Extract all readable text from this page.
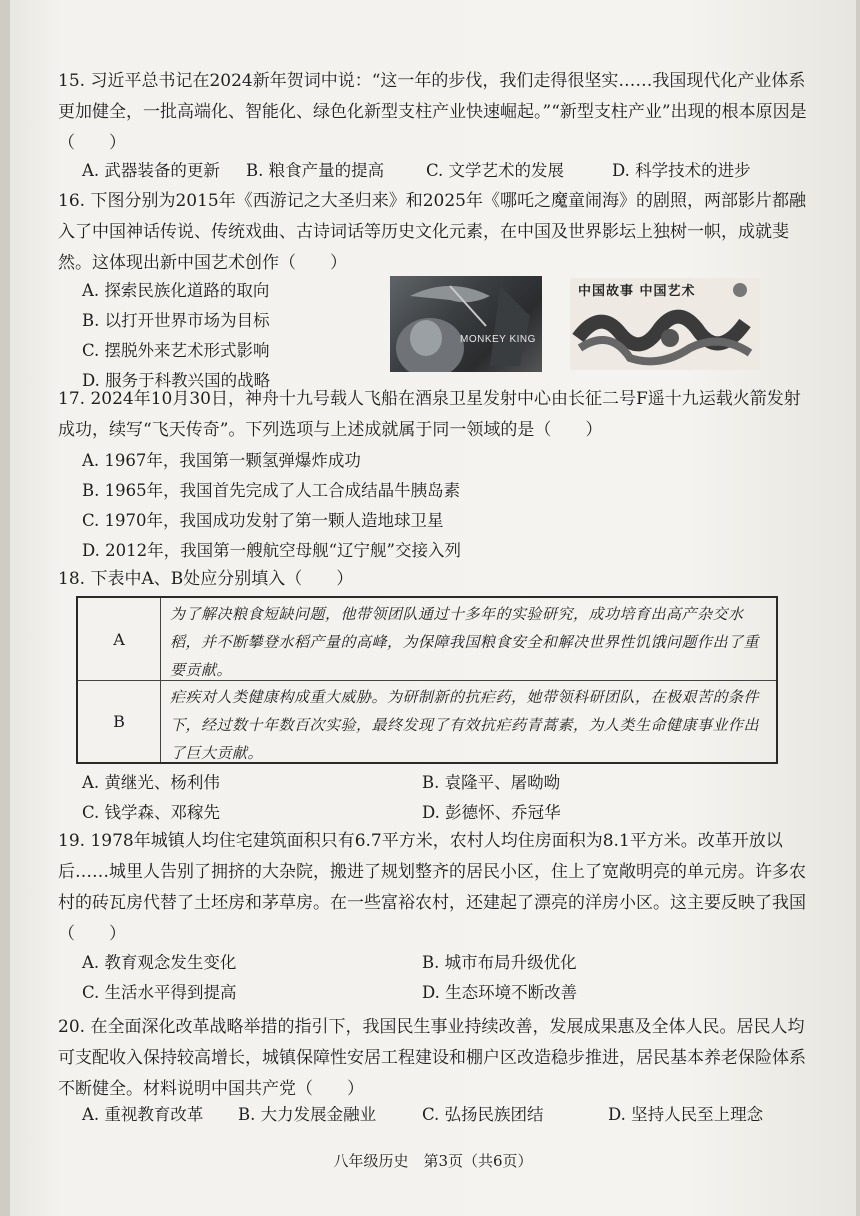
15. 习近平总书记在2024新年贺词中说：“这一年的步伐，我们走得很坚实……我国现代化产业体系更加健全，一批高端化、智能化、绿色化新型支柱产业快速崛起。”“新型支柱产业”出现的根本原因是（　　）
A. 武器装备的更新 B. 粮食产量的提高	C. 文学艺术的发展	D. 科学技术的进步
16. 下图分别为2015年《西游记之大圣归来》和2025年《哪吒之魔童闹海》的剧照，两部影片都融入了中国神话传说、传统戏曲、古诗词话等历史文化元素，在中国及世界影坛上独树一帜，成就斐然。这体现出新中国艺术创作（　　）
A. 探索民族化道路的取向
B. 以打开世界市场为目标
C. 摆脱外来艺术形式影响
D. 服务于科教兴国的战略
MONKEY KING
中国故事 中国艺术
17. 2024年10月30日，神舟十九号载人飞船在酒泉卫星发射中心由长征二号F遥十九运载火箭发射成功，续写“飞天传奇”。下列选项与上述成就属于同一领域的是（　　）
A. 1967年，我国第一颗氢弹爆炸成功
B. 1965年，我国首先完成了人工合成结晶牛胰岛素
C. 1970年，我国成功发射了第一颗人造地球卫星
D. 2012年，我国第一艘航空母舰“辽宁舰”交接入列
18. 下表中A、B处应分别填入（　　）
A
为了解决粮食短缺问题，他带领团队通过十多年的实验研究，成功培育出高产杂交水稻，并不断攀登水稻产量的高峰，为保障我国粮食安全和解决世界性饥饿问题作出了重要贡献。
B
疟疾对人类健康构成重大威胁。为研制新的抗疟药，她带领科研团队，在极艰苦的条件下，经过数十年数百次实验，最终发现了有效抗疟药青蒿素，为人类生命健康事业作出了巨大贡献。
A. 黄继光、杨利伟	B. 袁隆平、屠呦呦
C. 钱学森、邓稼先	D. 彭德怀、乔冠华
19. 1978年城镇人均住宅建筑面积只有6.7平方米，农村人均住房面积为8.1平方米。改革开放以后……城里人告别了拥挤的大杂院，搬进了规划整齐的居民小区，住上了宽敞明亮的单元房。许多农村的砖瓦房代替了土坯房和茅草房。在一些富裕农村，还建起了漂亮的洋房小区。这主要反映了我国（　　）
A. 教育观念发生变化	B. 城市布局升级优化
C. 生活水平得到提高	D. 生态环境不断改善
20. 在全面深化改革战略举措的指引下，我国民生事业持续改善，发展成果惠及全体人民。居民人均可支配收入保持较高增长，城镇保障性安居工程建设和棚户区改造稳步推进，居民基本养老保险体系不断健全。材料说明中国共产党（　　）
A. 重视教育改革 B. 大力发展金融业	C. 弘扬民族团结	D. 坚持人民至上理念
八年级历史　第3页（共6页）
